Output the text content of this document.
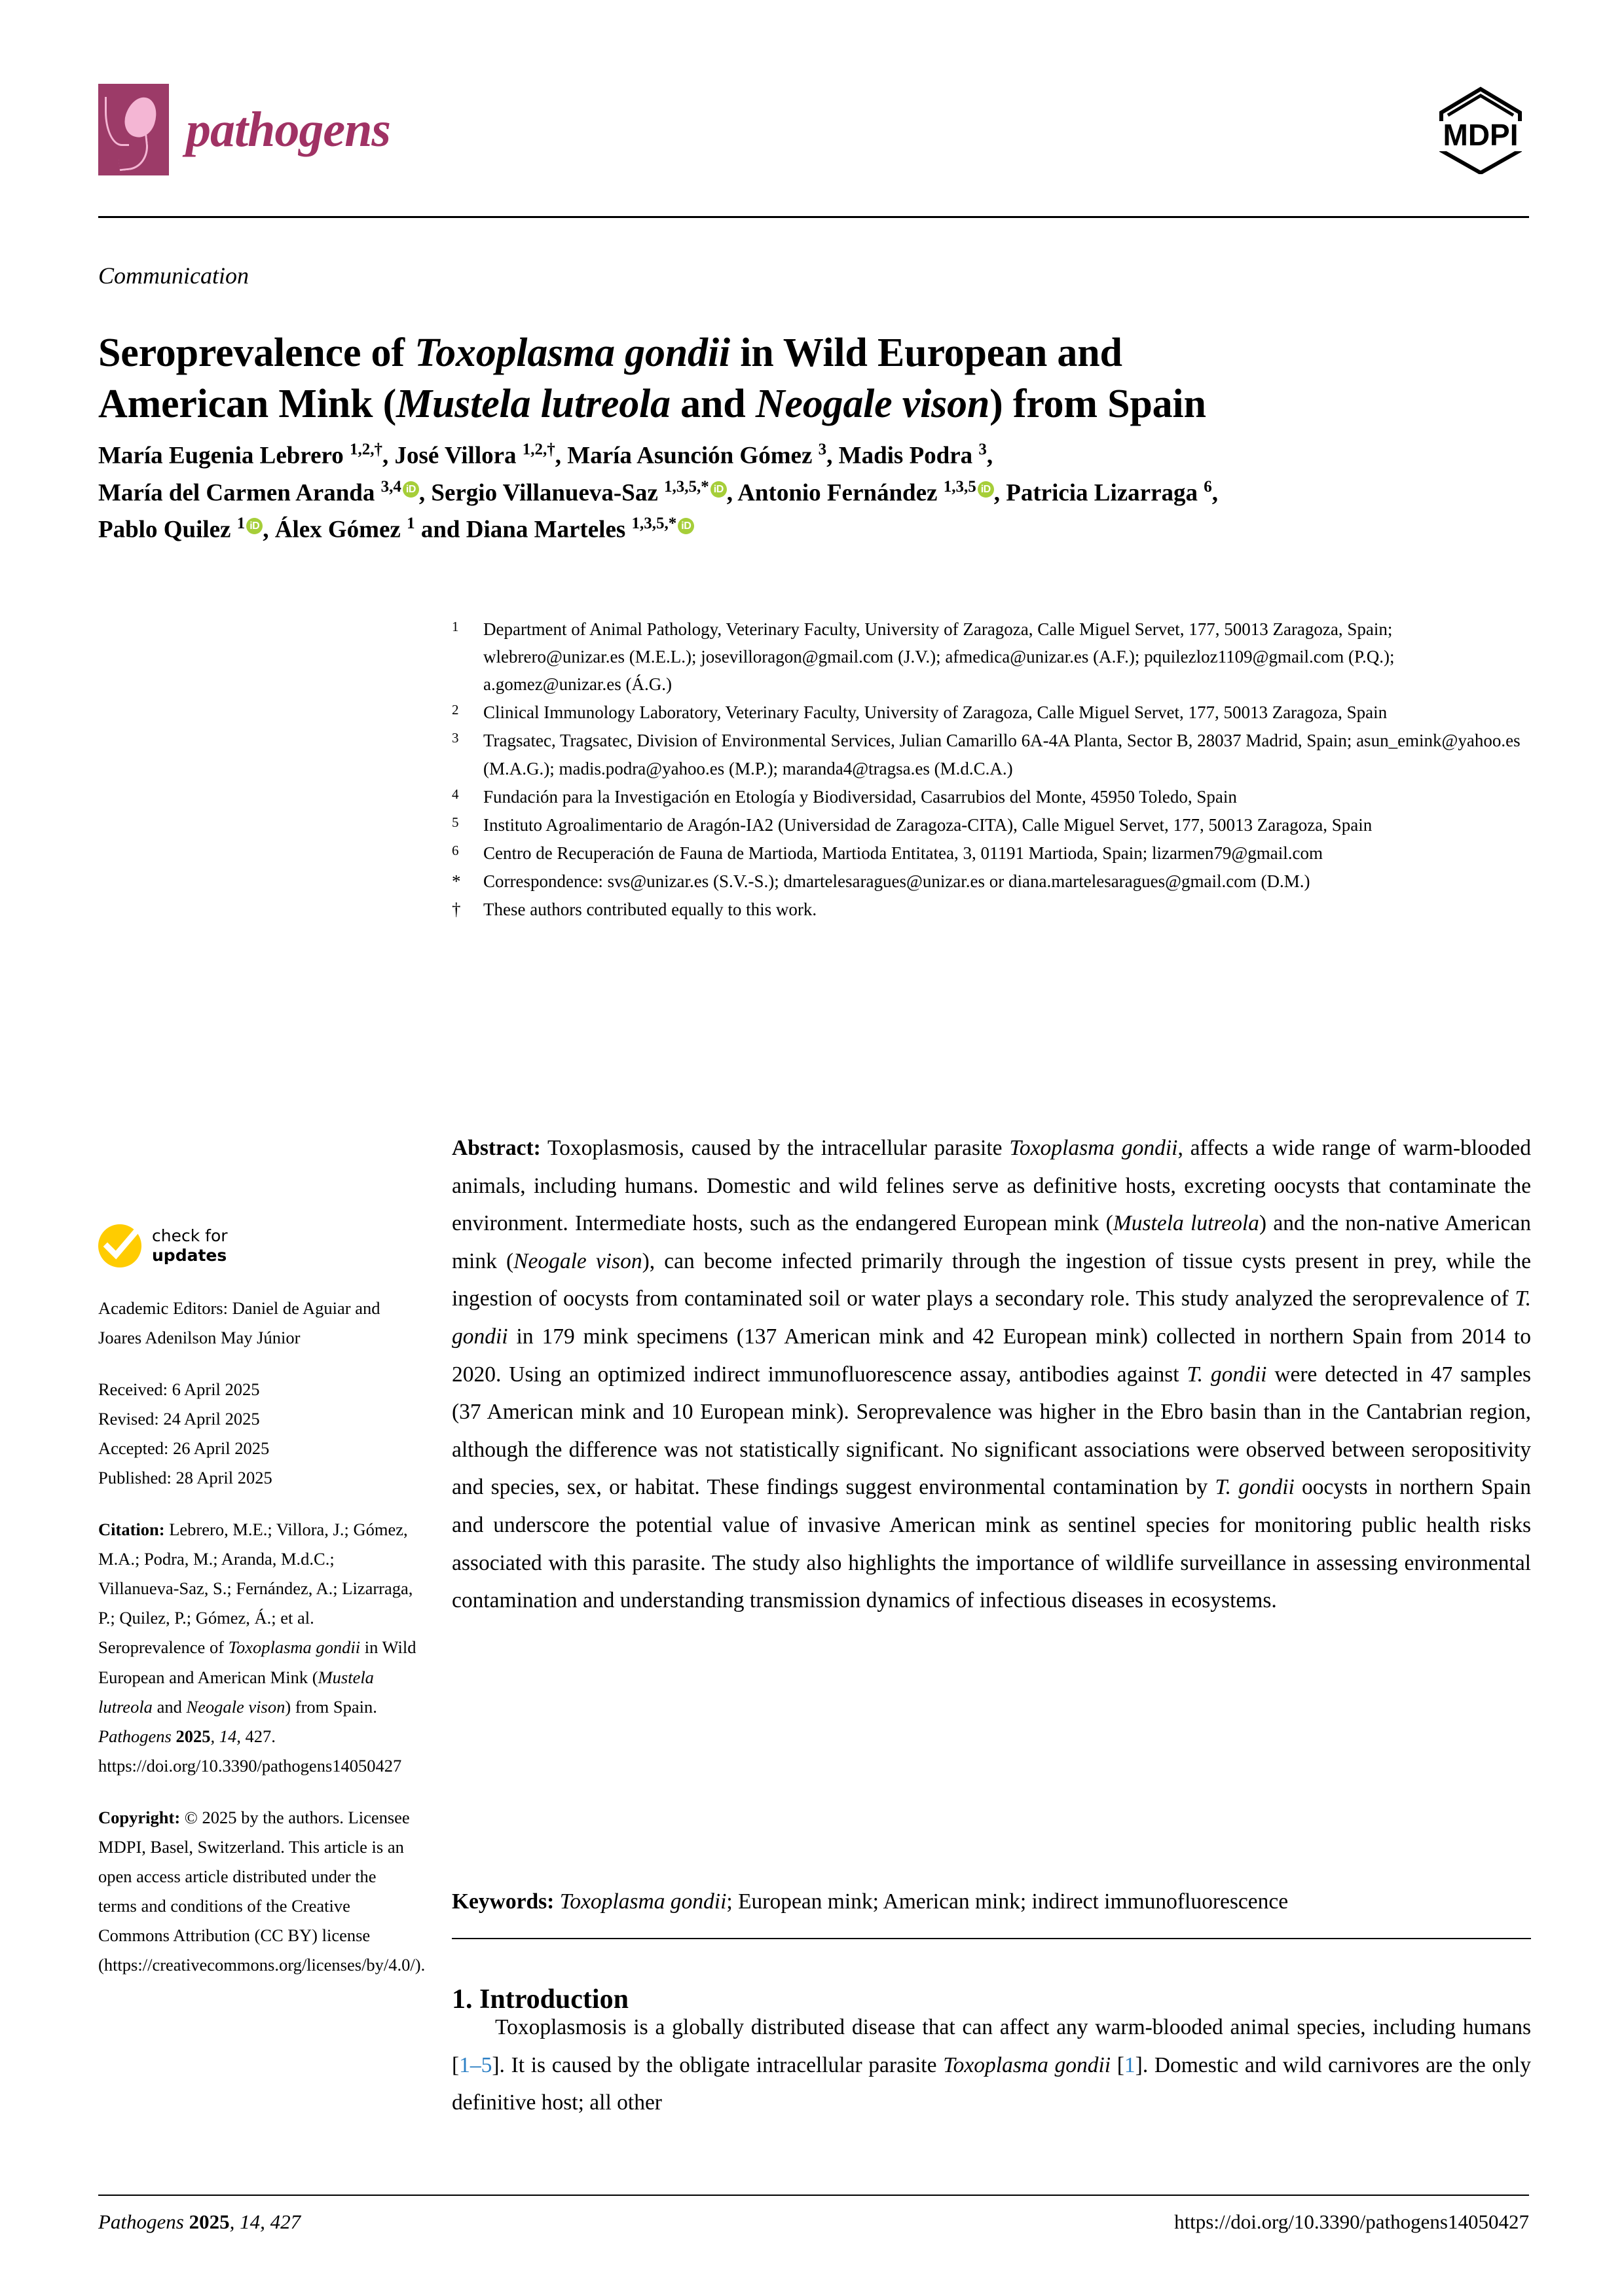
pathogens	MDPI
Communication
Seroprevalence of Toxoplasma gondii in Wild European and
American Mink (Mustela lutreola and Neogale vison) from Spain
María Eugenia Lebrero $^{1,2,\dagger}$, José Villora $^{1,2,\dagger}$, María Asunción Gómez $^3$, Madis Podra $^3$,
María del Carmen Aranda $^{3,4}$ iD , Sergio Villanueva-Saz $^{1,3,5,*}$ iD , Antonio Fernández $^{1,3,5}$ iD , Patricia Lizarraga $^6$,
Pablo Quilez $^1$ iD , Álex Gómez $^1$ and Diana Marteles $^{1,3,5,*}$ iD
1	Department of Animal Pathology, Veterinary Faculty, University of Zaragoza, Calle Miguel Servet, 177, 50013 Zaragoza, Spain; wlebrero@unizar.es (M.E.L.); josevilloragon@gmail.com (J.V.); afmedica@unizar.es (A.F.); pquilezloz1109@gmail.com (P.Q.); a.gomez@unizar.es (Á.G.)
2	Clinical Immunology Laboratory, Veterinary Faculty, University of Zaragoza, Calle Miguel Servet, 177, 50013 Zaragoza, Spain
3	Tragsatec, Tragsatec, Division of Environmental Services, Julian Camarillo 6A-4A Planta, Sector B, 28037 Madrid, Spain; asun_emink@yahoo.es (M.A.G.); madis.podra@yahoo.es (M.P.); maranda4@tragsa.es (M.d.C.A.)
4	Fundación para la Investigación en Etología y Biodiversidad, Casarrubios del Monte, 45950 Toledo, Spain
5	Instituto Agroalimentario de Aragón-IA2 (Universidad de Zaragoza-CITA), Calle Miguel Servet, 177, 50013 Zaragoza, Spain
6	Centro de Recuperación de Fauna de Martioda, Martioda Entitatea, 3, 01191 Martioda, Spain; lizarmen79@gmail.com
*	Correspondence: svs@unizar.es (S.V.-S.); dmartelesaragues@unizar.es or diana.martelesaragues@gmail.com (D.M.)
†	These authors contributed equally to this work.
Abstract: Toxoplasmosis, caused by the intracellular parasite Toxoplasma gondii, affects a wide range of warm-blooded animals, including humans. Domestic and wild felines serve as definitive hosts, excreting oocysts that contaminate the environment. Intermediate hosts, such as the endangered European mink (Mustela lutreola) and the non-native American mink (Neogale vison), can become infected primarily through the ingestion of tissue cysts present in prey, while the ingestion of oocysts from contaminated soil or water plays a secondary role. This study analyzed the seroprevalence of T. gondii in 179 mink specimens (137 American mink and 42 European mink) collected in northern Spain from 2014 to 2020. Using an optimized indirect immunofluorescence assay, antibodies against T. gondii were detected in 47 samples (37 American mink and 10 European mink). Seroprevalence was higher in the Ebro basin than in the Cantabrian region, although the difference was not statistically significant. No significant associations were observed between seropositivity and species, sex, or habitat. These findings suggest environmental contamination by T. gondii oocysts in northern Spain and underscore the potential value of invasive American mink as sentinel species for monitoring public health risks associated with this parasite. The study also highlights the importance of wildlife surveillance in assessing environmental contamination and understanding transmission dynamics of infectious diseases in ecosystems.
Keywords: Toxoplasma gondii; European mink; American mink; indirect immunofluorescence
1. Introduction
Toxoplasmosis is a globally distributed disease that can affect any warm-blooded animal species, including humans [1–5]. It is caused by the obligate intracellular parasite Toxoplasma gondii [1]. Domestic and wild carnivores are the only definitive host; all other
check for
updates

Academic Editors: Daniel de Aguiar and Joares Adenilson May Júnior

Received: 6 April 2025

Revised: 24 April 2025

Accepted: 26 April 2025

Published: 28 April 2025

Citation: Lebrero, M.E.; Villora, J.; Gómez, M.A.; Podra, M.; Aranda, M.d.C.; Villanueva-Saz, S.; Fernández, A.; Lizarraga, P.; Quilez, P.; Gómez, Á.; et al. Seroprevalence of Toxoplasma gondii in Wild European and American Mink (Mustela lutreola and Neogale vison) from Spain. Pathogens 2025, 14, 427. https://doi.org/10.3390/pathogens14050427

Copyright: © 2025 by the authors. Licensee MDPI, Basel, Switzerland. This article is an open access article distributed under the terms and conditions of the Creative Commons Attribution (CC BY) license (https://creativecommons.org/licenses/by/4.0/).

Pathogens 2025, 14, 427	https://doi.org/10.3390/pathogens14050427
